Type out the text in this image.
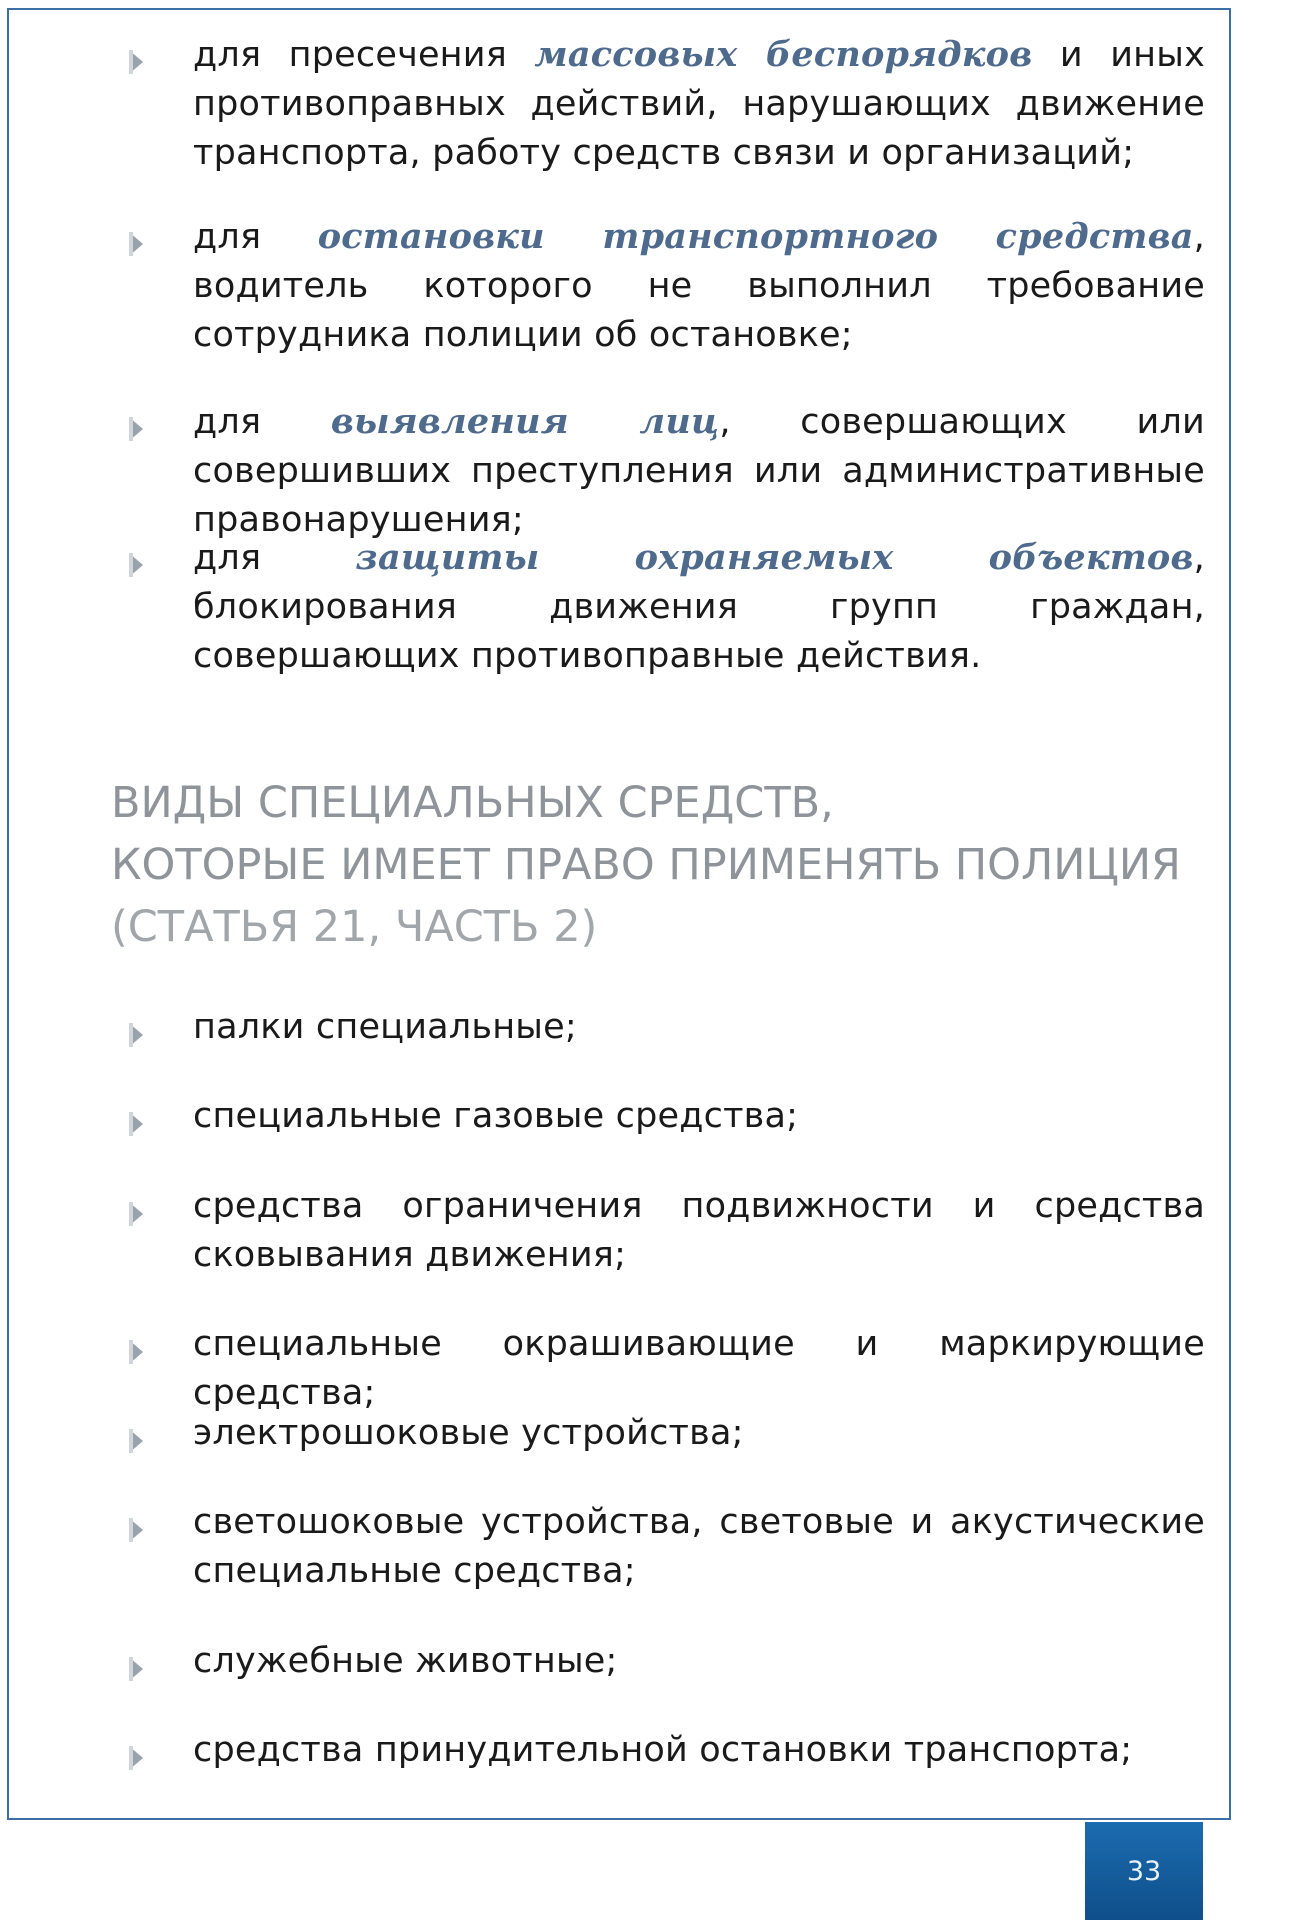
для пресечения массовых беспорядков и иных противоправных действий, нарушающих движение транспорта, работу средств связи и организаций;
для остановки транспортного средства, водитель которого не выполнил требование сотрудника полиции об остановке;
для выявления лиц, совершающих или совершивших преступления или административные правонарушения;
для защиты охраняемых объектов, блокирования движения групп граждан, совершающих противоправные действия.
ВИДЫ СПЕЦИАЛЬНЫХ СРЕДСТВ,
КОТОРЫЕ ИМЕЕТ ПРАВО ПРИМЕНЯТЬ ПОЛИЦИЯ
(СТАТЬЯ 21, ЧАСТЬ 2)
палки специальные;
специальные газовые средства;
средства ограничения подвижности и средства сковывания движения;
специальные окрашивающие и маркирующие средства;
электрошоковые устройства;
светошоковые устройства, световые и акустические специальные средства;
служебные животные;
средства принудительной остановки транспорта;
33
